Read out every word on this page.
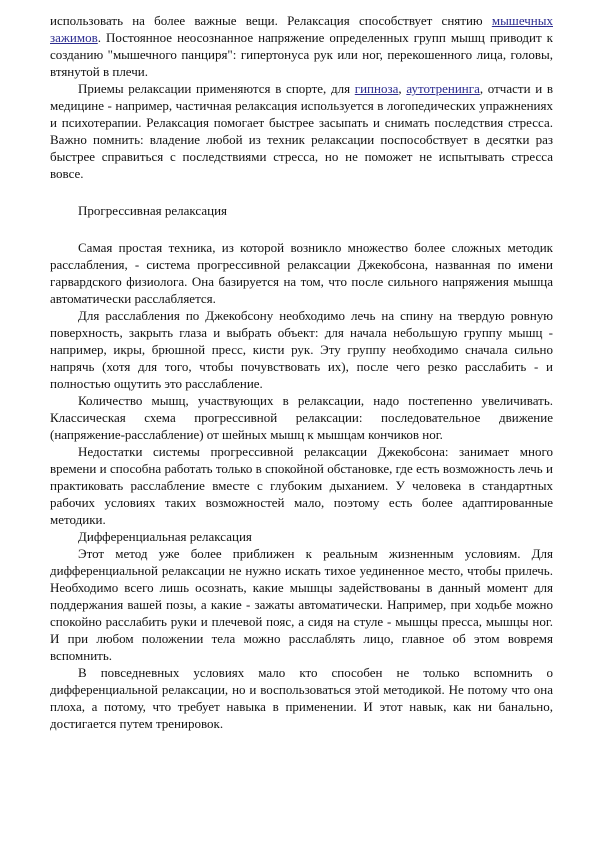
использовать на более важные вещи. Релаксация способствует снятию мышечных зажимов. Постоянное неосознанное напряжение определенных групп мышц приводит к созданию "мышечного панциря": гипертонуса рук или ног, перекошенного лица, головы, втянутой в плечи.

Приемы релаксации применяются в спорте, для гипноза, аутотренинга, отчасти и в медицине - например, частичная релаксация используется в логопедических упражнениях и психотерапии. Релаксация помогает быстрее засыпать и снимать последствия стресса. Важно помнить: владение любой из техник релаксации поспособствует в десятки раз быстрее справиться с последствиями стресса, но не поможет не испытывать стресса вовсе.

Прогрессивная релаксация

Самая простая техника, из которой возникло множество более сложных методик расслабления, - система прогрессивной релаксации Джекобсона, названная по имени гарвардского физиолога. Она базируется на том, что после сильного напряжения мышца автоматически расслабляется.

Для расслабления по Джекобсону необходимо лечь на спину на твердую ровную поверхность, закрыть глаза и выбрать объект: для начала небольшую группу мышц - например, икры, брюшной пресс, кисти рук. Эту группу необходимо сначала сильно напрячь (хотя для того, чтобы почувствовать их), после чего резко расслабить - и полностью ощутить это расслабление.

Количество мышц, участвующих в релаксации, надо постепенно увеличивать. Классическая схема прогрессивной релаксации: последовательное движение (напряжение-расслабление) от шейных мышц к мышцам кончиков ног.

Недостатки системы прогрессивной релаксации Джекобсона: занимает много времени и способна работать только в спокойной обстановке, где есть возможность лечь и практиковать расслабление вместе с глубоким дыханием. У человека в стандартных рабочих условиях таких возможностей мало, поэтому есть более адаптированные методики.

Дифференциальная релаксация

Этот метод уже более приближен к реальным жизненным условиям. Для дифференциальной релаксации не нужно искать тихое уединенное место, чтобы прилечь. Необходимо всего лишь осознать, какие мышцы задействованы в данный момент для поддержания вашей позы, а какие - зажаты автоматически. Например, при ходьбе можно спокойно расслабить руки и плечевой пояс, а сидя на стуле - мышцы пресса, мышцы ног. И при любом положении тела можно расслаблять лицо, главное об этом вовремя вспомнить.

В повседневных условиях мало кто способен не только вспомнить о дифференциальной релаксации, но и воспользоваться этой методикой. Не потому что она плоха, а потому, что требует навыка в применении. И этот навык, как ни банально, достигается путем тренировок.
